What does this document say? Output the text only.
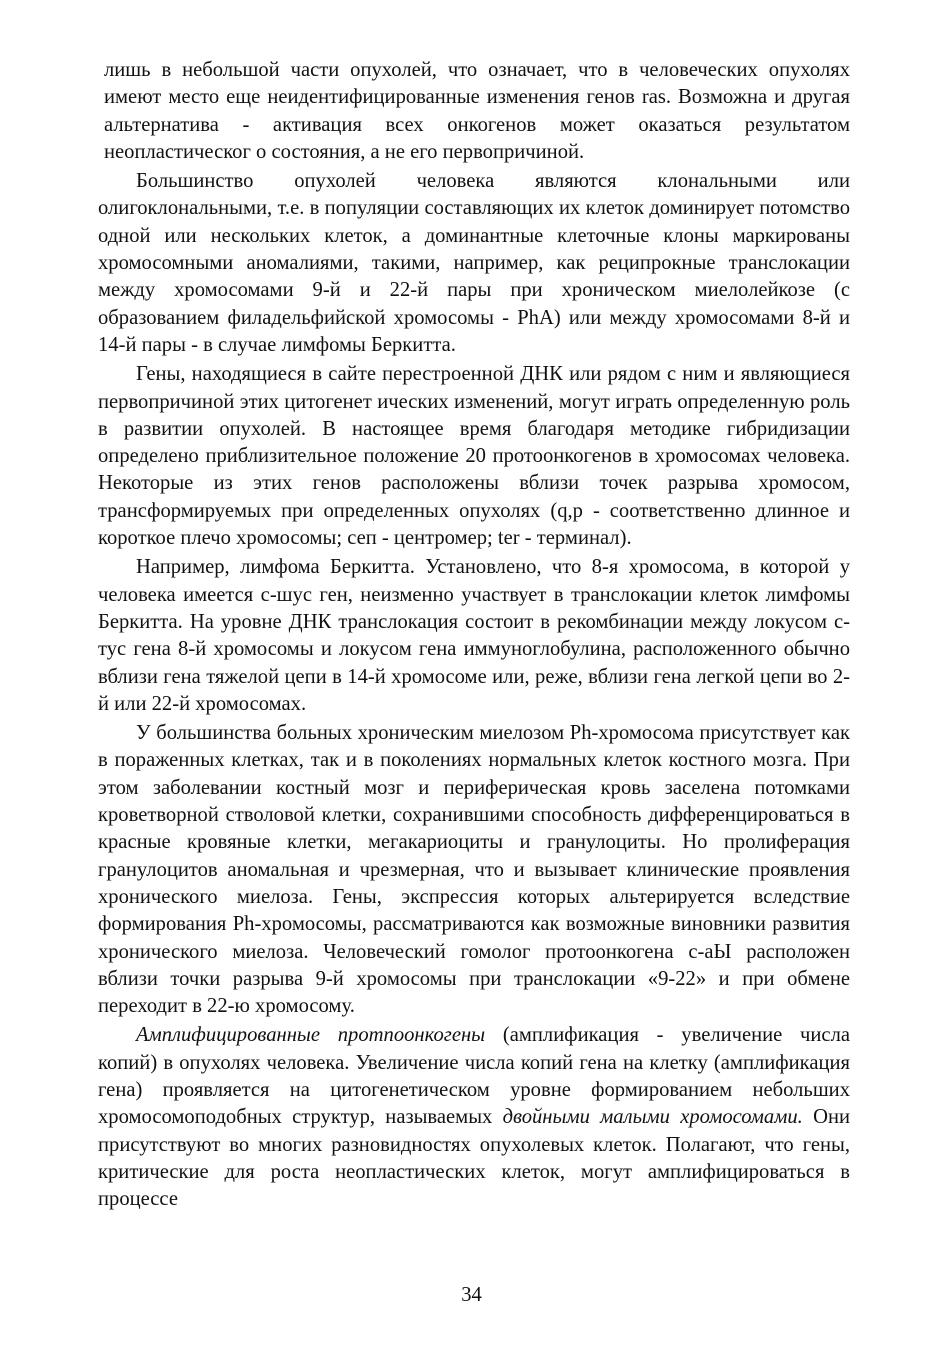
лишь в небольшой части опухолей, что означает, что в человеческих опухолях имеют место еще неидентифицированные изменения генов ras. Возможна и другая альтернатива - активация всех онкогенов может оказаться результатом неопластическог о состояния, а не его первопричиной.

Большинство опухолей человека являются клональными или олигоклональными, т.е. в популяции составляющих их клеток доминирует потомство одной или нескольких клеток, а доминантные клеточные клоны маркированы хромосомными аномалиями, такими, например, как реципрокные транслокации между хромосомами 9-й и 22-й пары при хроническом миелолейкозе (с образованием филадельфийской хромосомы - PhA) или между хромосомами 8-й и 14-й пары - в случае лимфомы Беркитта.

Гены, находящиеся в сайте перестроенной ДНК или рядом с ним и являющиеся первопричиной этих цитогенет ических изменений, могут играть определенную роль в развитии опухолей. В настоящее время благодаря методике гибридизации определено приблизительное положение 20 протоонкогенов в хромосомах человека. Некоторые из этих генов расположены вблизи точек разрыва хромосом, трансформируемых при определенных опухолях (q,p - соответственно длинное и короткое плечо хромосомы; сеп - центромер; ter - терминал).

Например, лимфома Беркитта. Установлено, что 8-я хромосома, в которой у человека имеется с-шус ген, неизменно участвует в транслокации клеток лимфомы Беркитта. На уровне ДНК транслокация состоит в рекомбинации между локусом с-тус гена 8-й хромосомы и локусом гена иммуноглобулина, расположенного обычно вблизи гена тяжелой цепи в 14-й хромосоме или, реже, вблизи гена легкой цепи во 2-й или 22-й хромосомах.

У большинства больных хроническим миелозом Ph-хромосома присутствует как в пораженных клетках, так и в поколениях нормальных клеток костного мозга. При этом заболевании костный мозг и периферическая кровь заселена потомками кроветворной стволовой клетки, сохранившими способность дифференцироваться в красные кровяные клетки, мегакариоциты и гранулоциты. Но пролиферация гранулоцитов аномальная и чрезмерная, что и вызывает клинические проявления хронического миелоза. Гены, экспрессия которых альтерируется вследствие формирования Ph-хромосомы, рассматриваются как возможные виновники развития хронического миелоза. Человеческий гомолог протоонкогена с-аЫ расположен вблизи точки разрыва 9-й хромосомы при транслокации «9-22» и при обмене переходит в 22-ю хромосому.

Амплифицированные протпоонкогены (амплификация - увеличение числа копий) в опухолях человека. Увеличение числа копий гена на клетку (амплификация гена) проявляется на цитогенетическом уровне формированием небольших хромосомоподобных структур, называемых двойными малыми хромосомами. Они присутствуют во многих разновидностях опухолевых клеток. Полагают, что гены, критические для роста неопластических клеток, могут амплифицироваться в процессе

34
